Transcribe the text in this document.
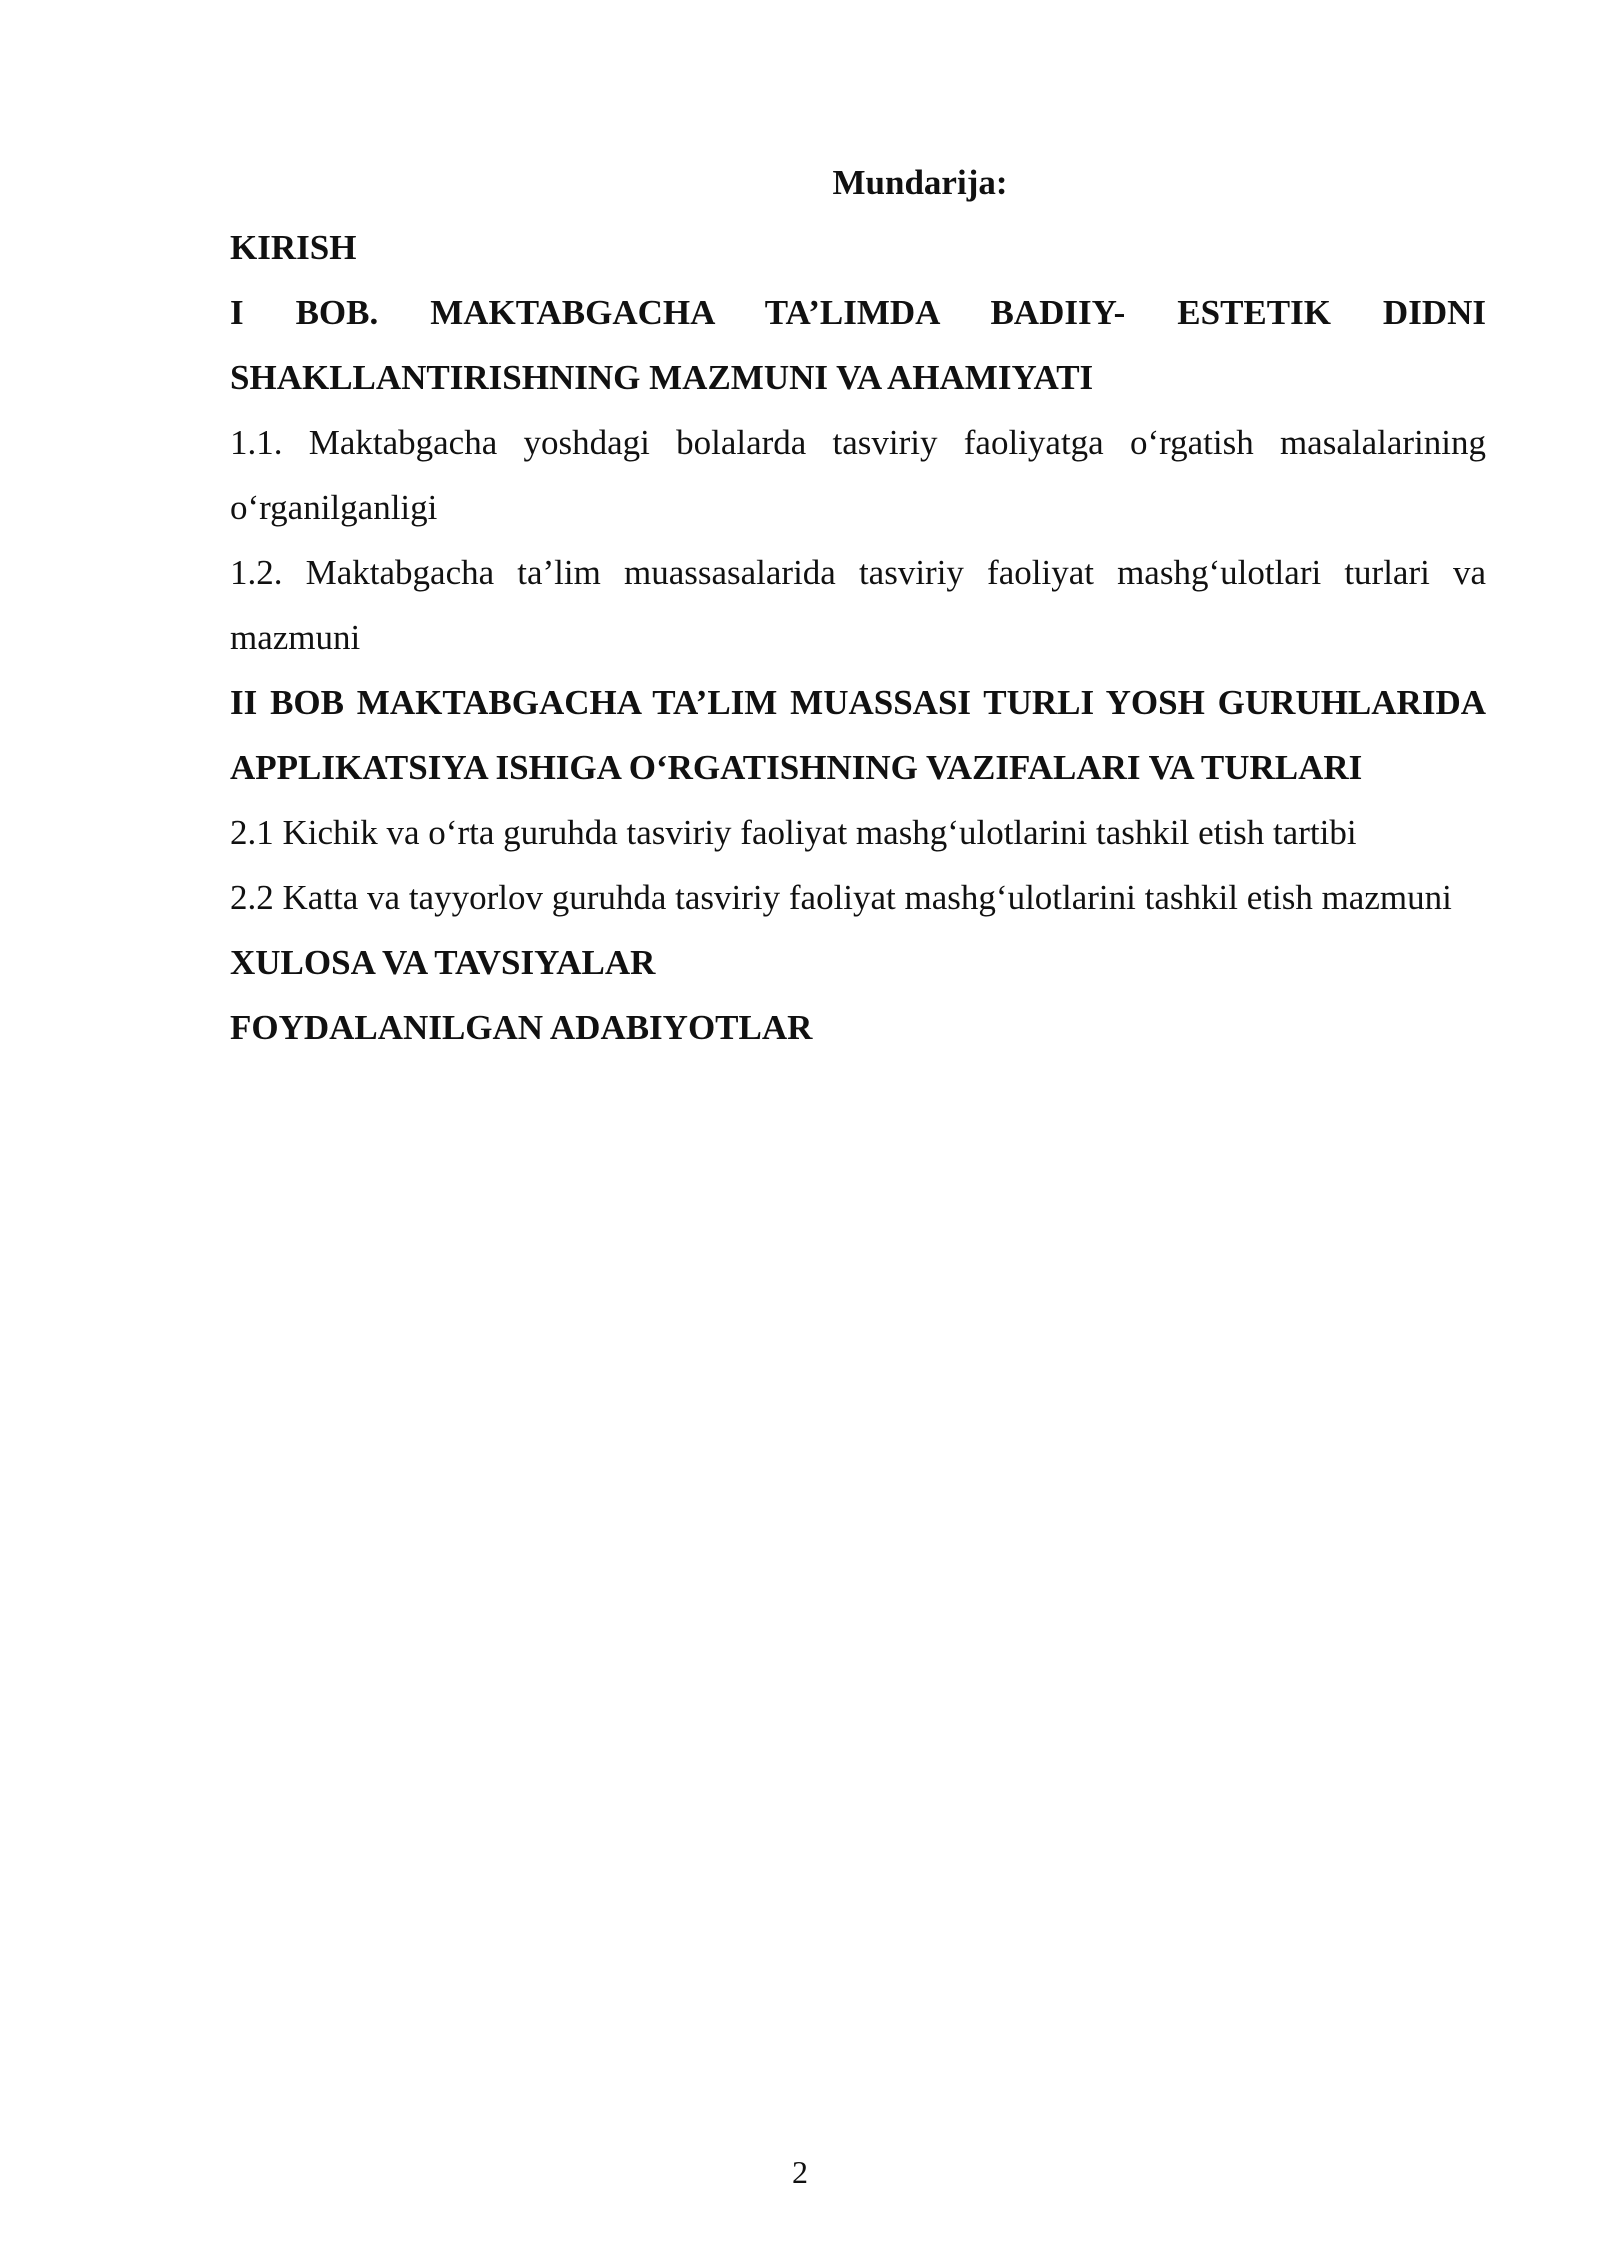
Mundarija:

KIRISH

I BOB. MAKTABGACHA TA’LIMDA BADIIY- ESTETIK DIDNI SHAKLLANTIRISHNING MAZMUNI VA AHAMIYATI

1.1. Maktabgacha yoshdagi bolalarda tasviriy faoliyatga o‘rgatish masalalarining o‘rganilganligi

1.2. Maktabgacha ta’lim muassasalarida tasviriy faoliyat mashg‘ulotlari turlari va mazmuni

II BOB MAKTABGACHA TA’LIM MUASSASI TURLI YOSH GURUHLARIDA APPLIKATSIYA ISHIGA O‘RGATISHNING VAZIFALARI VA TURLARI

2.1 Kichik va o‘rta guruhda tasviriy faoliyat mashg‘ulotlarini tashkil etish tartibi

2.2 Katta va tayyorlov guruhda tasviriy faoliyat mashg‘ulotlarini tashkil etish mazmuni

XULOSA VA TAVSIYALAR

FOYDALANILGAN ADABIYOTLAR

2
